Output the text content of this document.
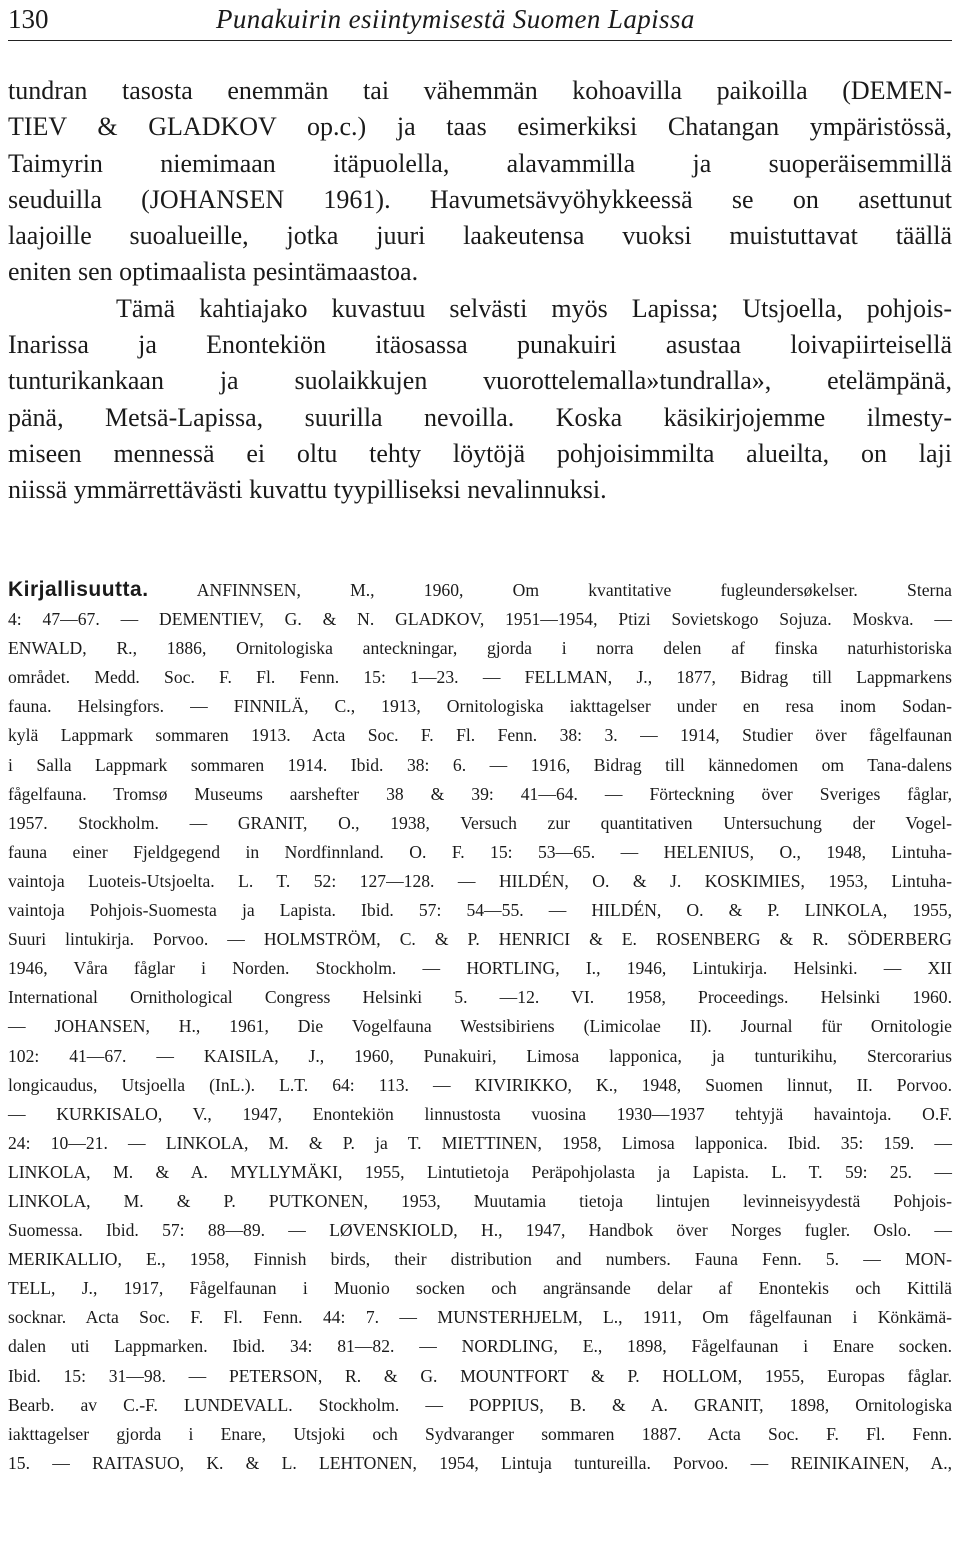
130	Punakuirin esiintymisestä Suomen Lapissa
tundran tasosta enemmän tai vähemmän kohoavilla paikoilla (DEMEN-
TIEV & GLADKOV op.c.) ja taas esimerkiksi Chatangan ympäristössä,
Taimyrin niemimaan itäpuolella, alavammilla ja suoperäisemmillä
seuduilla (JOHANSEN 1961). Havumetsävyöhykkeessä se on asettunut
laajoille suoalueille, jotka juuri laakeutensa vuoksi muistuttavat täällä
eniten sen optimaalista pesintämaastoa.
Tämä kahtiajako kuvastuu selvästi myös Lapissa; Utsjoella, pohjois-
Inarissa ja Enontekiön itäosassa punakuiri asustaa loivapiirteisellä
tunturikankaan ja suolaikkujen vuorottelemalla»tundralla», etelämpänä,
pänä, Metsä-Lapissa, suurilla nevoilla. Koska käsikirjojemme ilmesty-
miseen mennessä ei oltu tehty löytöjä pohjoisimmilta alueilta, on laji
niissä ymmärrettävästi kuvattu tyypilliseksi nevalinnuksi.
Kirjallisuutta.	ANFINNSEN, M., 1960, Om kvantitative fugleundersøkelser. Sterna
4: 47—67. — DEMENTIEV, G. & N. GLADKOV, 1951—1954, Ptizi Sovietskogo Sojuza. Moskva. —
ENWALD, R., 1886, Ornitologiska anteckningar, gjorda i norra delen af finska naturhistoriska
området. Medd. Soc. F. Fl. Fenn. 15: 1—23. — FELLMAN, J., 1877, Bidrag till Lappmarkens
fauna. Helsingfors. — FINNILÄ, C., 1913, Ornitologiska iakttagelser under en resa inom Sodan-
kylä Lappmark sommaren 1913. Acta Soc. F. Fl. Fenn. 38: 3. — 1914, Studier över fågelfaunan
i Salla Lappmark sommaren 1914. Ibid. 38: 6. — 1916, Bidrag till kännedomen om Tana-dalens
fågelfauna. Tromsø Museums aarshefter 38 & 39: 41—64. — Förteckning över Sveriges fåglar,
1957. Stockholm. — GRANIT, O., 1938, Versuch zur quantitativen Untersuchung der Vogel-
fauna einer Fjeldgegend in Nordfinnland. O. F. 15: 53—65. — HELENIUS, O., 1948, Lintuha-
vaintoja Luoteis-Utsjoelta. L. T. 52: 127—128. — HILDÉN, O. & J. KOSKIMIES, 1953, Lintuha-
vaintoja Pohjois-Suomesta ja Lapista. Ibid. 57: 54—55. — HILDÉN, O. & P. LINKOLA, 1955,
Suuri lintukirja. Porvoo. — HOLMSTRÖM, C. & P. HENRICI & E. ROSENBERG & R. SÖDERBERG
1946, Våra fåglar i Norden. Stockholm. — HORTLING, I., 1946, Lintukirja. Helsinki. — XII
International Ornithological Congress Helsinki 5. —12. VI. 1958, Proceedings. Helsinki 1960.
— JOHANSEN, H., 1961, Die Vogelfauna Westsibiriens (Limicolae II). Journal für Ornitologie
102: 41—67. — KAISILA, J., 1960, Punakuiri, Limosa lapponica, ja tunturikihu, Stercorarius
longicaudus, Utsjoella (InL.). L.T. 64: 113. — KIVIRIKKO, K., 1948, Suomen linnut, II. Porvoo.
— KURKISALO, V., 1947, Enontekiön linnustosta vuosina 1930—1937 tehtyjä havaintoja. O.F.
24: 10—21. — LINKOLA, M. & P. ja T. MIETTINEN, 1958, Limosa lapponica. Ibid. 35: 159. —
LINKOLA, M. & A. MYLLYMÄKI, 1955, Lintutietoja Peräpohjolasta ja Lapista. L. T. 59: 25. —
LINKOLA, M. & P. PUTKONEN, 1953, Muutamia tietoja lintujen levinneisyydestä Pohjois-
Suomessa. Ibid. 57: 88—89. — LØVENSKIOLD, H., 1947, Handbok över Norges fugler. Oslo. —
MERIKALLIO, E., 1958, Finnish birds, their distribution and numbers. Fauna Fenn. 5. — MON-
TELL, J., 1917, Fågelfaunan i Muonio socken och angränsande delar af Enontekis och Kittilä
socknar. Acta Soc. F. Fl. Fenn. 44: 7. — MUNSTERHJELM, L., 1911, Om fågelfaunan i Könkämä-
dalen uti Lappmarken. Ibid. 34: 81—82. — NORDLING, E., 1898, Fågelfaunan i Enare socken.
Ibid. 15: 31—98. — PETERSON, R. & G. MOUNTFORT & P. HOLLOM, 1955, Europas fåglar.
Bearb. av C.-F. LUNDEVALL. Stockholm. — POPPIUS, B. & A. GRANIT, 1898, Ornitologiska
iakttagelser gjorda i Enare, Utsjoki och Sydvaranger sommaren 1887. Acta Soc. F. Fl. Fenn.
15. — RAITASUO, K. & L. LEHTONEN, 1954, Lintuja tuntureilla. Porvoo. — REINIKAINEN, A.,
